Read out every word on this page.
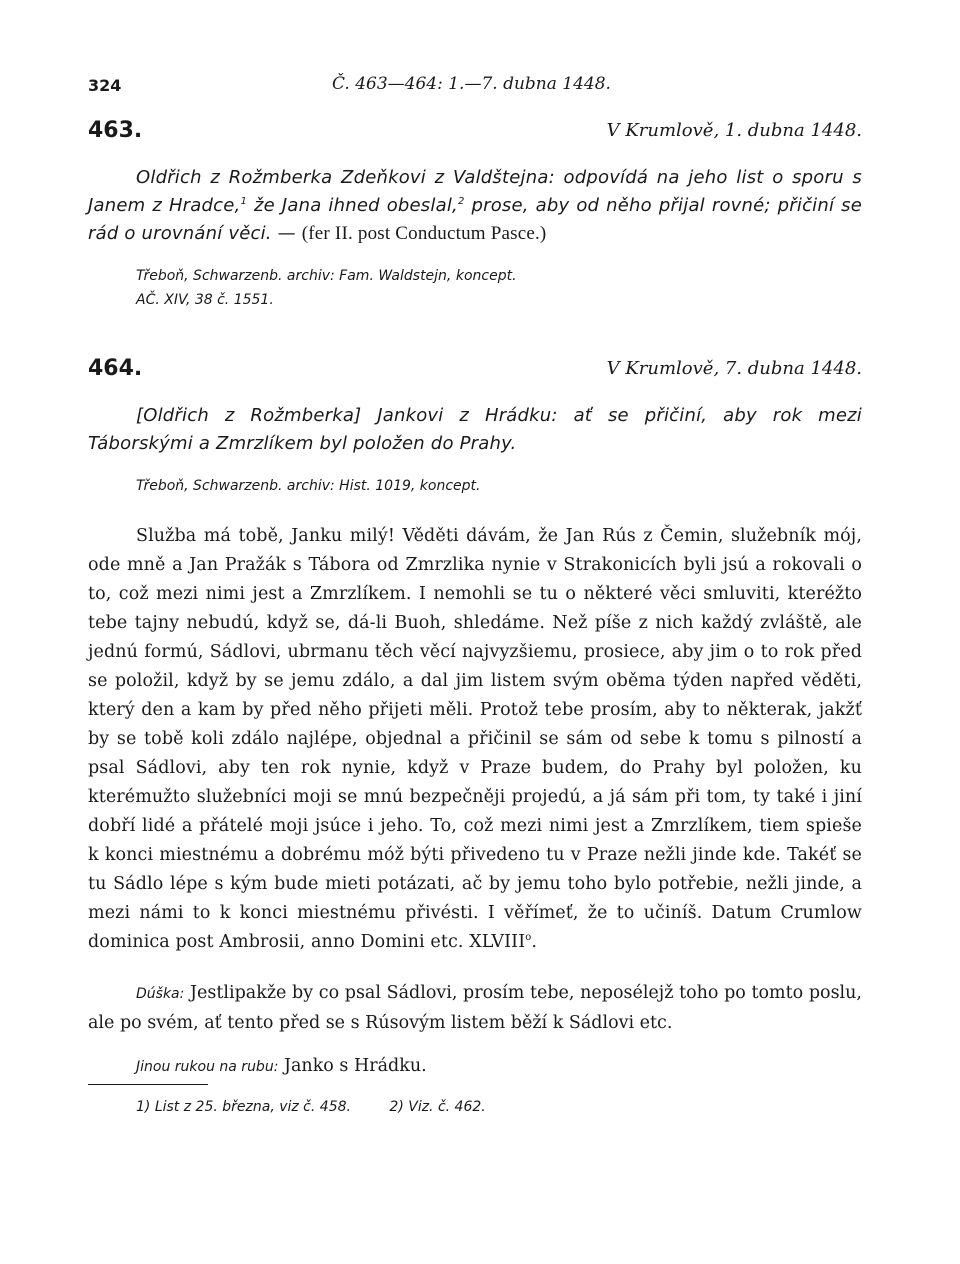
324	Č. 463—464: 1.—7. dubna 1448.
463.	V Krumlově, 1. dubna 1448.
Oldřich z Rožmberka Zdeňkovi z Valdštejna: odpovídá na jeho list o sporu s Janem z Hradce,$^1$ že Jana ihned obeslal,$^2$ prose, aby od něho přijal rovné; přičiní se rád o urovnání věci. — (fer II. post Conductum Pasce.)
Třeboň, Schwarzenb. archiv: Fam. Waldstejn, koncept.
AČ. XIV, 38 č. 1551.
464.	V Krumlově, 7. dubna 1448.
[Oldřich z Rožmberka] Jankovi z Hrádku: ať se přičiní, aby rok mezi Táborskými a Zmrzlíkem byl položen do Prahy.
Třeboň, Schwarzenb. archiv: Hist. 1019, koncept.
Služba má tobě, Janku milý! Věděti dávám, že Jan Rús z Čemin, služebník mój, ode mně a Jan Pražák s Tábora od Zmrzlika nynie v Strakonicích byli jsú a rokovali o to, což mezi nimi jest a Zmrzlíkem. I nemohli se tu o některé věci smluviti, kteréžto tebe tajny nebudú, když se, dá-li Buoh, shledáme. Než píše z nich každý zvláště, ale jednú formú, Sádlovi, ubrmanu těch věcí najvyzšiemu, prosiece, aby jim o to rok před se položil, když by se jemu zdálo, a dal jim listem svým oběma týden napřed věděti, který den a kam by před něho přijeti měli. Protož tebe prosím, aby to některak, jakžť by se tobě koli zdálo najlépe, objednal a přičinil se sám od sebe k tomu s pilností a psal Sádlovi, aby ten rok nynie, když v Praze budem, do Prahy byl položen, ku kterémužto služebníci moji se mnú bezpečněji projedú, a já sám při tom, ty také i jiní dobří lidé a přátelé moji jsúce i jeho. To, což mezi nimi jest a Zmrzlíkem, tiem spieše k konci miestnému a dobrému móž býti přivedeno tu v Praze nežli jinde kde. Takéť se tu Sádlo lépe s kým bude mieti potázati, ač by jemu toho bylo potřebie, nežli jinde, a mezi námi to k konci miestnému přivésti. I věřímeť, že to učiníš. Datum Crumlow dominica post Ambrosii, anno Domini etc. XLVIII$^o$.
Dúška: Jestlipakže by co psal Sádlovi, prosím tebe, neposélejž toho po tomto poslu, ale po svém, ať tento před se s Rúsovým listem běží k Sádlovi etc.
Jinou rukou na rubu: Janko s Hrádku.
1) List z 25. března, viz č. 458.	2) Viz. č. 462.
